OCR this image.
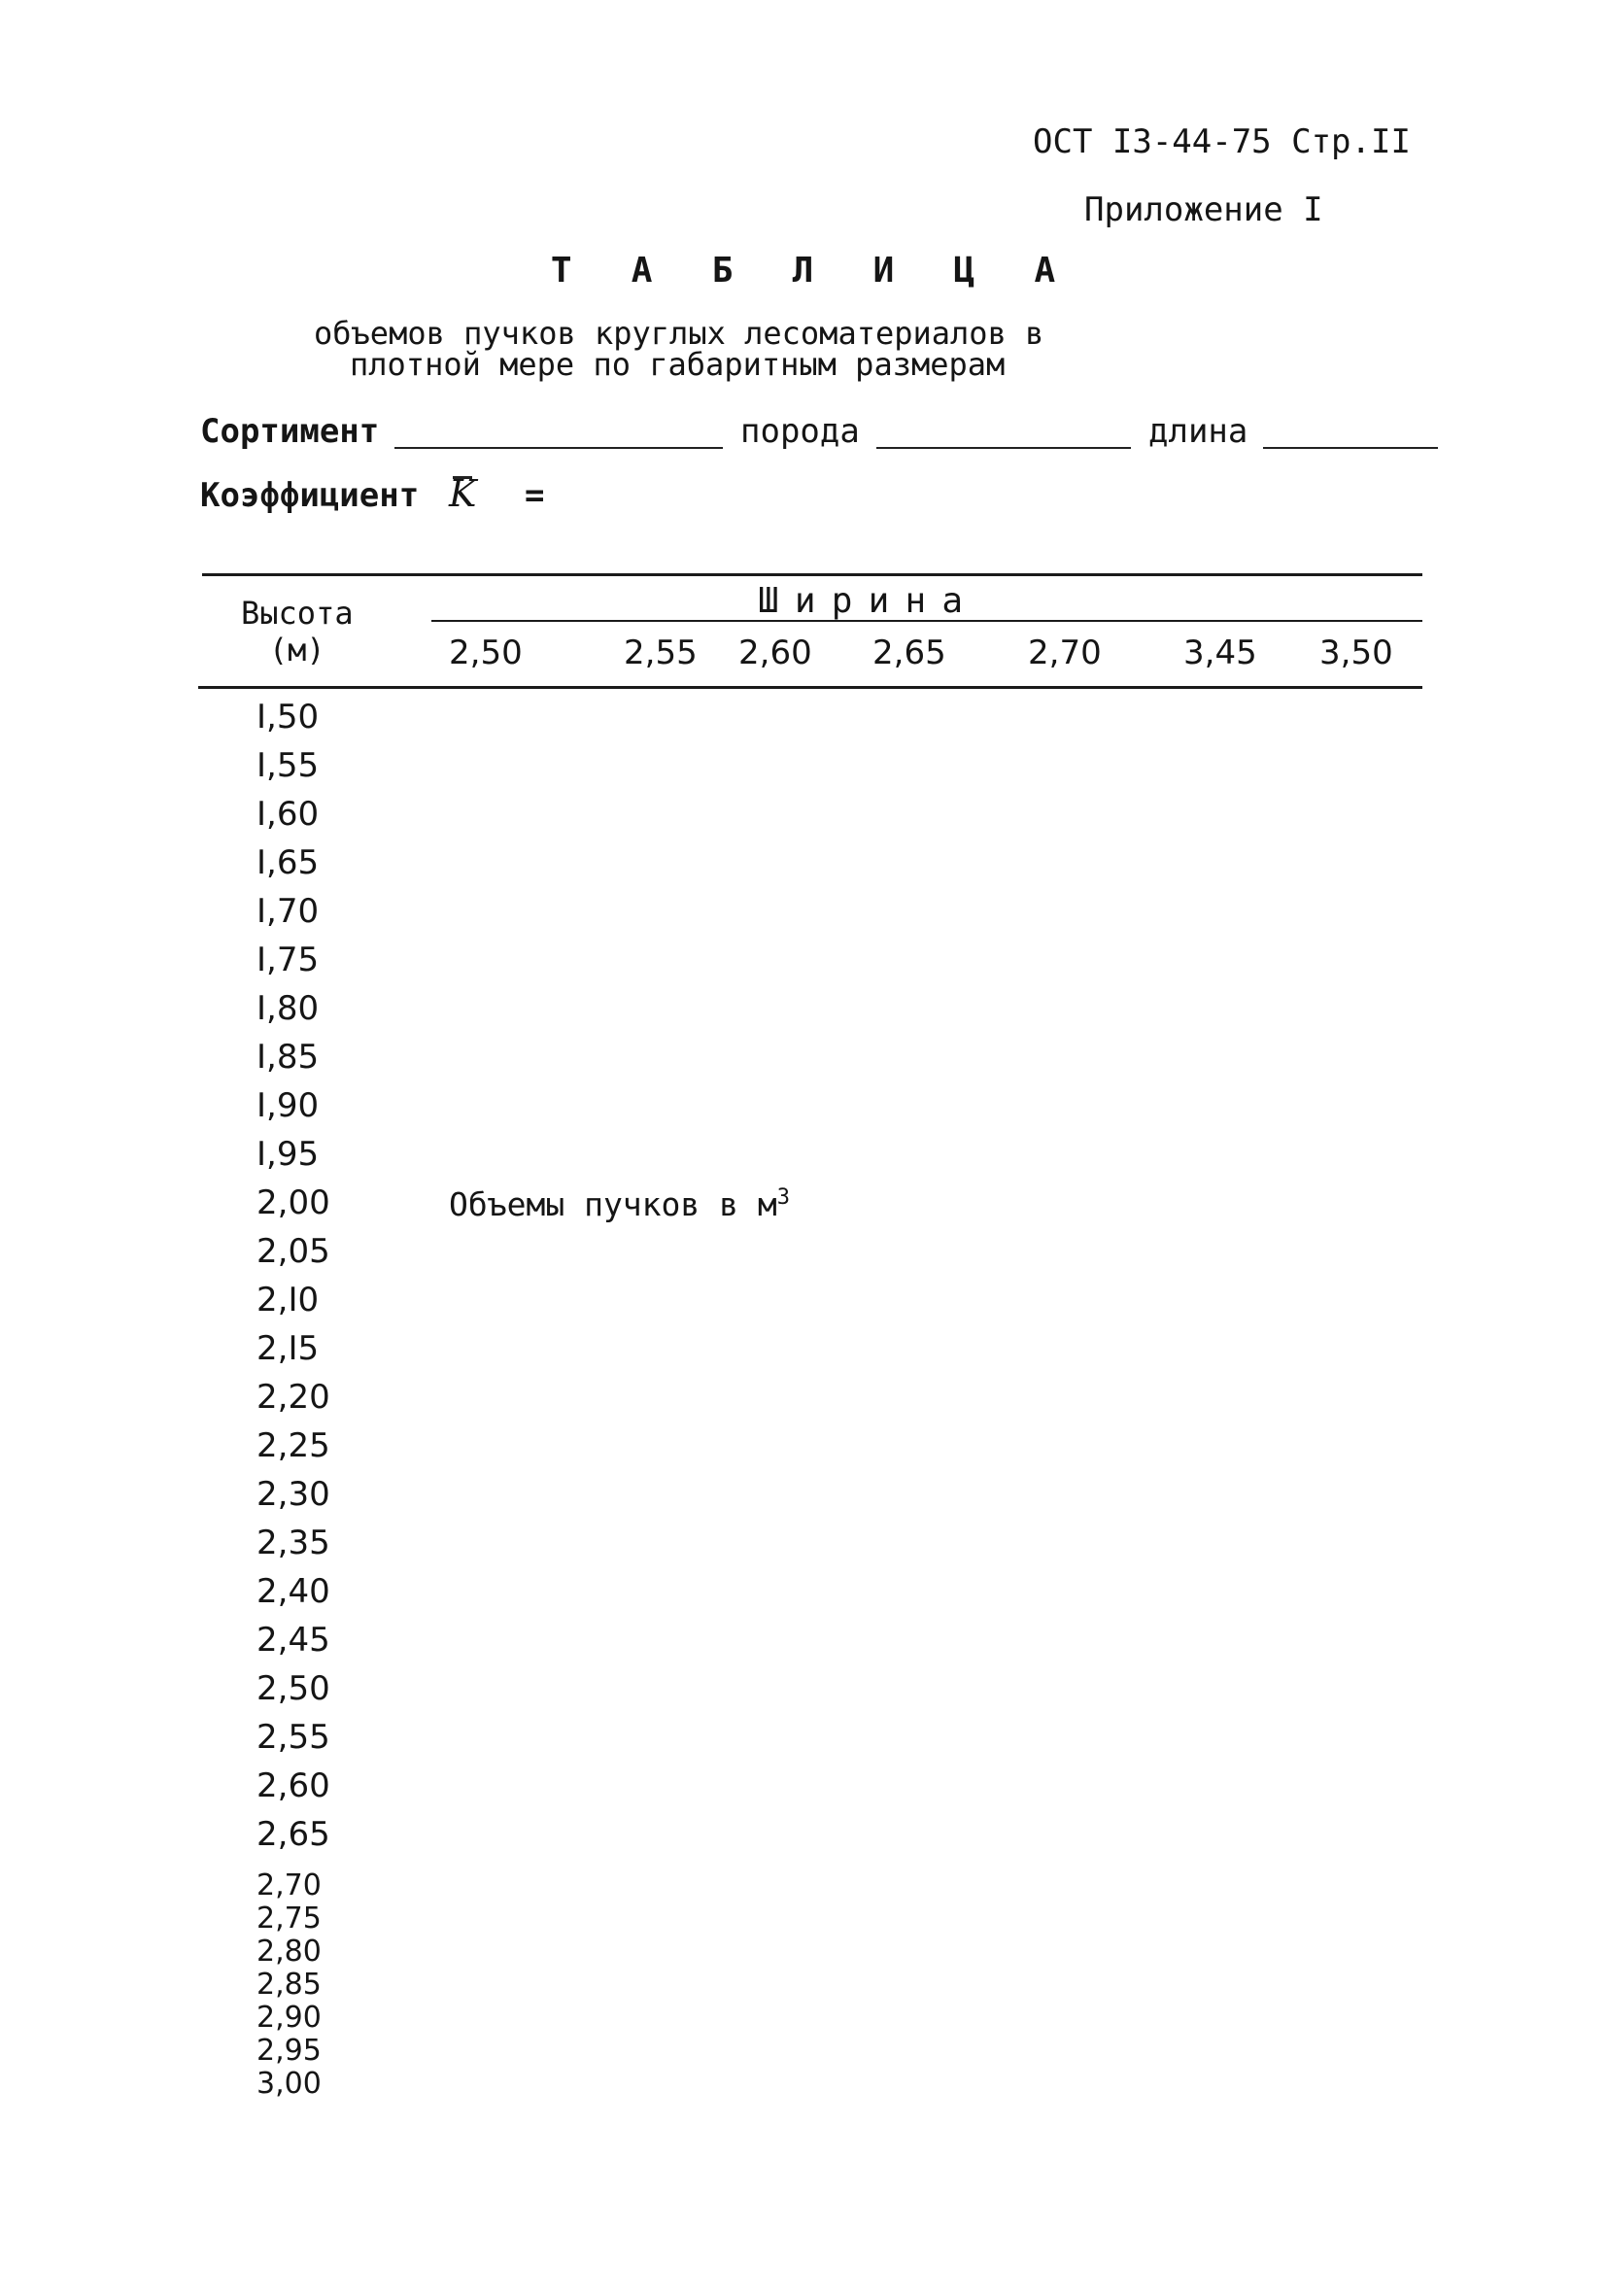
ОСТ I3-44-75 Стр.II
Приложение I
Т А Б Л И Ц А
объемов пучков круглых лесоматериалов в
плотной мере по габаритным размерам
Сортимент	порода	длина
Коэффициент K =
Высота
(м)
Ширина
2,50	2,55 2,60 2,65 2,70 3,45 3,50
I,50
I,55
I,60
I,65
I,70
I,75
I,80
I,85
I,90
I,95
2,00
2,05
2,I0
2,I5
2,20
2,25
2,30
2,35
2,40
2,45
2,50
2,55
2,60
2,65
2,70
2,75
2,80
2,85
2,90
2,95
3,00
Объемы пучков в $м^3$
